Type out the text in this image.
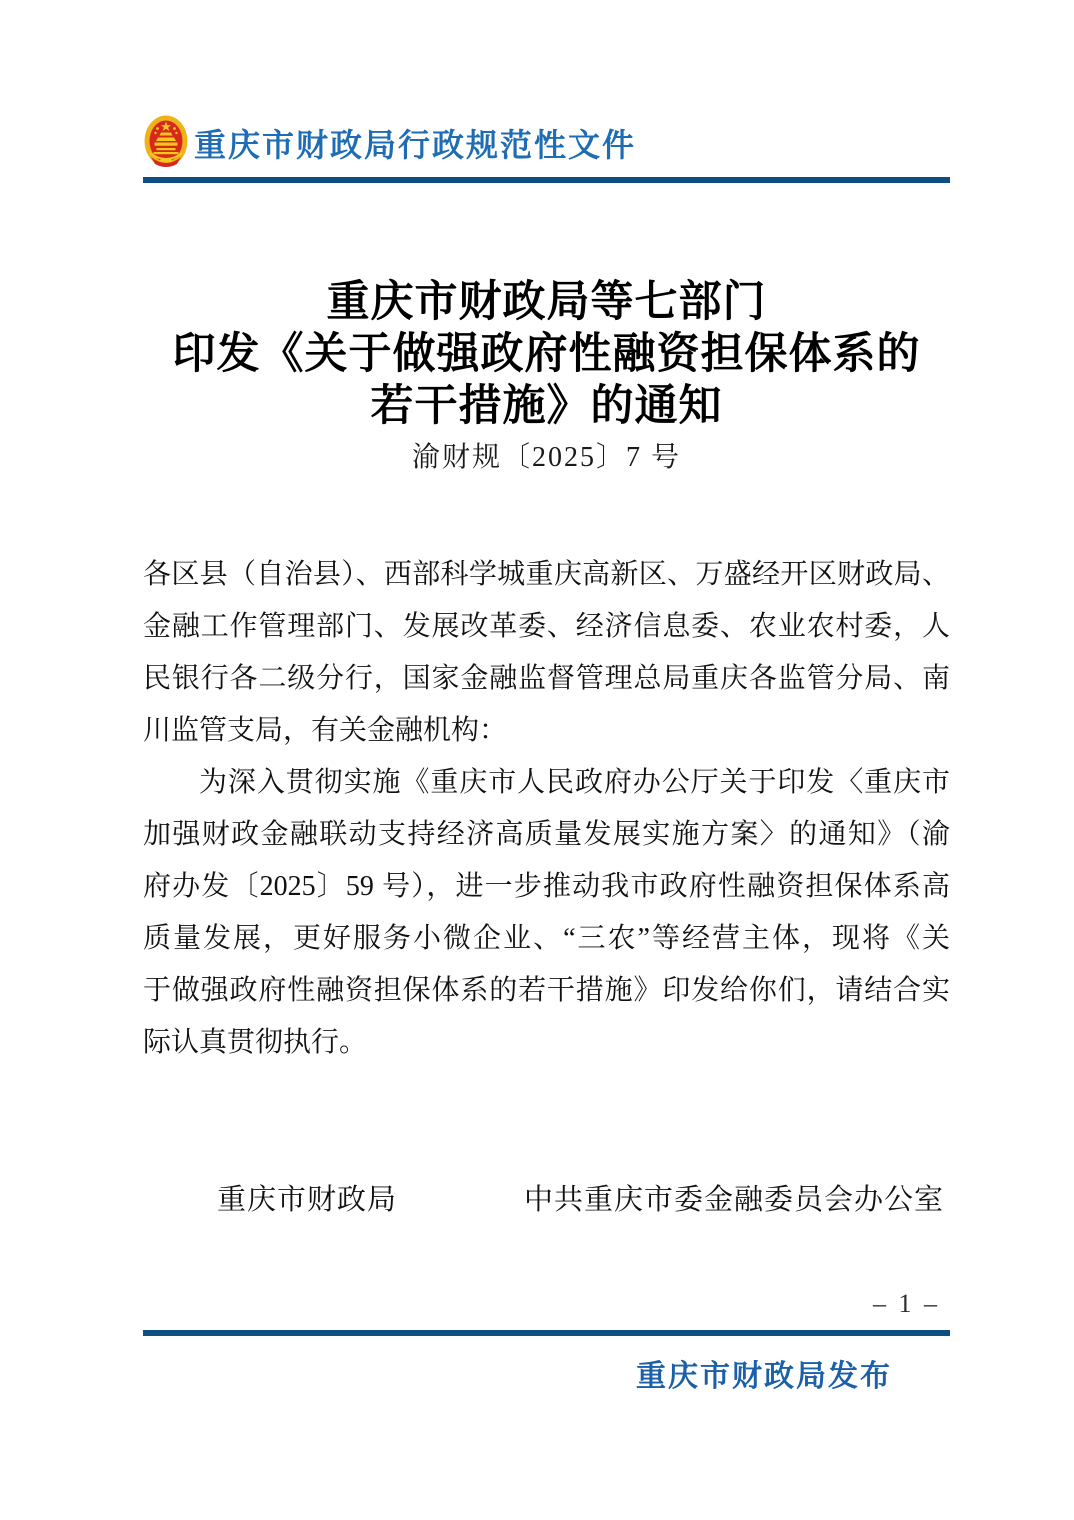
重庆市财政局行政规范性文件
重庆市财政局等七部门
印发《关于做强政府性融资担保体系的
若干措施》的通知
渝财规〔2025〕7 号
各区县（自治县）、西部科学城重庆高新区、万盛经开区财政局、
金融工作管理部门、发展改革委、经济信息委、农业农村委，人
民银行各二级分行，国家金融监督管理总局重庆各监管分局、南
川监管支局，有关金融机构：
为深入贯彻实施《重庆市人民政府办公厅关于印发〈重庆市
加强财政金融联动支持经济高质量发展实施方案〉的通知》（渝
府办发〔2025〕59 号），进一步推动我市政府性融资担保体系高
质量发展，更好服务小微企业、“三农”等经营主体，现将《关
于做强政府性融资担保体系的若干措施》印发给你们，请结合实
际认真贯彻执行。
重庆市财政局	中共重庆市委金融委员会办公室
– 1 –
重庆市财政局发布
